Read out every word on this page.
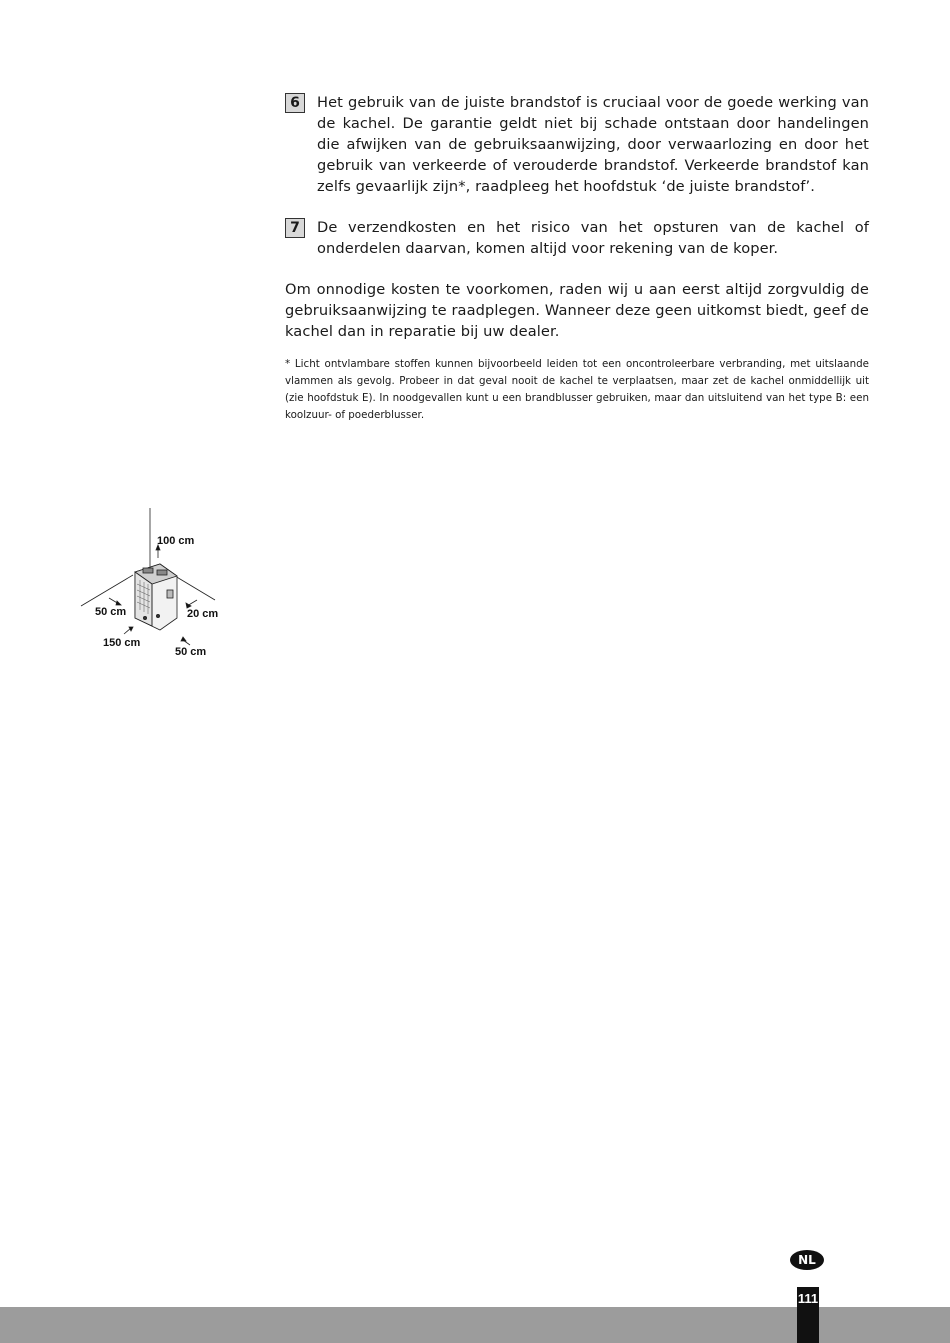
6	Het gebruik van de juiste brandstof is cruciaal voor de goede werking van de kachel. De garantie geldt niet bij schade ontstaan door handelingen die afwijken van de gebruiksaanwijzing, door verwaarlozing en door het gebruik van verkeerde of verouderde brandstof. Verkeerde brandstof kan zelfs gevaarlijk zijn*, raadpleeg het hoofdstuk ‘de juiste brandstof’.
7	De verzendkosten en het risico van het opsturen van de kachel of onderdelen daarvan, komen altijd voor rekening van de koper.
Om onnodige kosten te voorkomen, raden wij u aan eerst altijd zorgvuldig de gebruiksaanwijzing te raadplegen. Wanneer deze geen uitkomst biedt, geef de kachel dan in reparatie bij uw dealer.
* Licht ontvlambare stoffen kunnen bijvoorbeeld leiden tot een oncontroleerbare verbranding, met uitslaande vlammen als gevolg. Probeer in dat geval nooit de kachel te verplaatsen, maar zet de kachel onmiddellijk uit (zie hoofdstuk E). In noodgevallen kunt u een brandblusser gebruiken, maar dan uitsluitend van het type B: een koolzuur- of poederblusser.
100 cm
50 cm	20 cm
150 cm
50 cm
NL
111
